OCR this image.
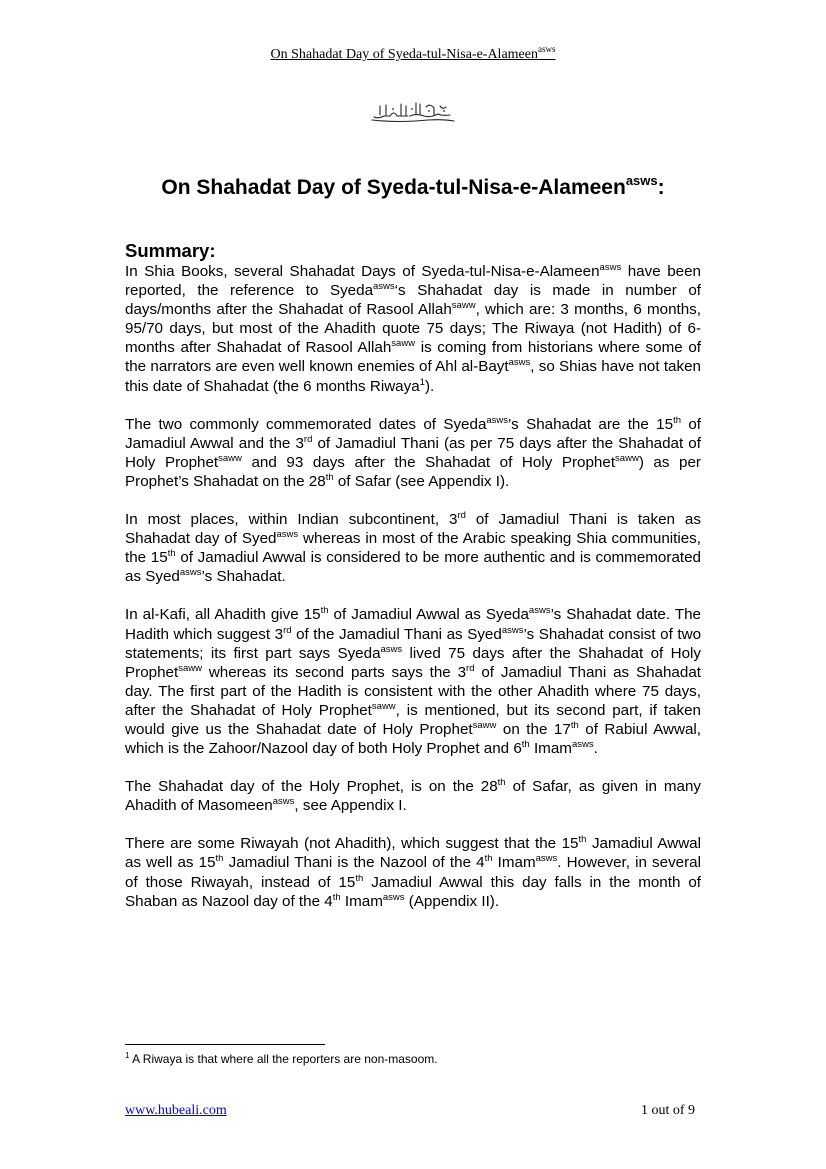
On Shahadat Day of Syeda-tul-Nisa-e-Alameen$^{asws}$
On Shahadat Day of Syeda-tul-Nisa-e-Alameen$^{asws}$:
Summary:

In Shia Books, several Shahadat Days of Syeda-tul-Nisa-e-Alameen$^{asws}$ have been reported, the reference to Syeda$^{asws}$‘s Shahadat day is made in number of days/months after the Shahadat of Rasool Allah$^{saww}$, which are: 3 months, 6 months, 95/70 days, but most of the Ahadith quote 75 days; The Riwaya (not Hadith) of 6-months after Shahadat of Rasool Allah$^{saww}$ is coming from historians where some of the narrators are even well known enemies of Ahl al-Bayt$^{asws}$, so Shias have not taken this date of Shahadat (the 6 months Riwaya$^1$).

The two commonly commemorated dates of Syeda$^{asws}$’s Shahadat are the 15th of Jamadiul Awwal and the 3rd of Jamadiul Thani (as per 75 days after the Shahadat of Holy Prophet$^{saww}$ and 93 days after the Shahadat of Holy Prophet$^{saww}$) as per Prophet’s Shahadat on the 28th of Safar (see Appendix I).

In most places, within Indian subcontinent, 3rd of Jamadiul Thani is taken as Shahadat day of Syed$^{asws}$ whereas in most of the Arabic speaking Shia communities, the 15th of Jamadiul Awwal is considered to be more authentic and is commemorated as Syed$^{asws}$’s Shahadat.

In al-Kafi, all Ahadith give 15th of Jamadiul Awwal as Syeda$^{asws}$’s Shahadat date. The Hadith which suggest 3rd of the Jamadiul Thani as Syed$^{asws}$’s Shahadat consist of two statements; its first part says Syeda$^{asws}$ lived 75 days after the Shahadat of Holy Prophet$^{saww}$ whereas its second parts says the 3rd of Jamadiul Thani as Shahadat day. The first part of the Hadith is consistent with the other Ahadith where 75 days, after the Shahadat of Holy Prophet$^{saww}$, is mentioned, but its second part, if taken would give us the Shahadat date of Holy Prophet$^{saww}$ on the 17th of Rabiul Awwal, which is the Zahoor/Nazool day of both Holy Prophet and 6th Imam$^{asws}$.

The Shahadat day of the Holy Prophet, is on the 28th of Safar, as given in many Ahadith of Masomeen$^{asws}$, see Appendix I.

There are some Riwayah (not Ahadith), which suggest that the 15th Jamadiul Awwal as well as 15th Jamadiul Thani is the Nazool of the 4th Imam$^{asws}$. However, in several of those Riwayah, instead of 15th Jamadiul Awwal this day falls in the month of Shaban as Nazool day of the 4th Imam$^{asws}$ (Appendix II).

$^1$ A Riwaya is that where all the reporters are non-masoom.
www.hubeali.com	1 out of 9
